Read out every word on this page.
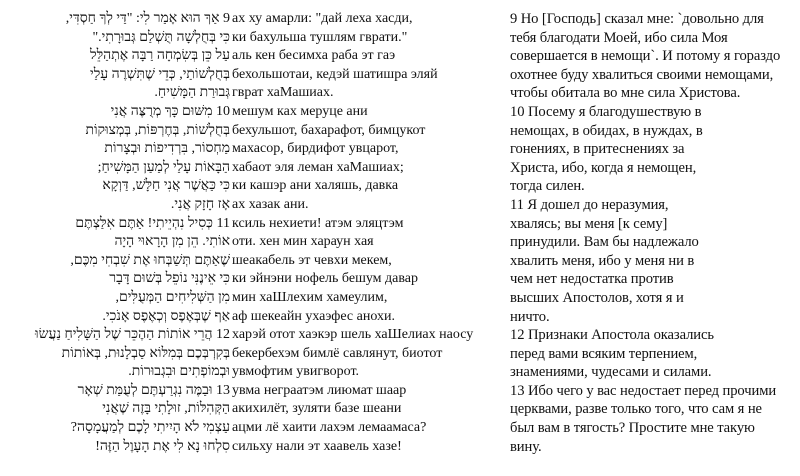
9 אַךְ הוּא אָמַר לִי: "דַּי לְךָ חַסְדִּי,
כִּי בְּחֻלְשָׁה תֻּשְׁלַם גְּבוּרָתִי."
עַל כֵּן בְּשִׂמְחָה רַבָּה אֶתְהַלֵּל
בְּחֻלְשׁוֹתַי, כְּדֵי שֶׁתִּשְׁרֶה עָלַי
גְּבוּרַת הַמָּשִׁיחַ.
10 מִשּׁוּם כָּךְ מְרֻצֶּה אֲנִי
בְּחֻלְשׁוֹת, בְּחֶרְפּוֹת, בְּמְצוּקוֹת
מַחְסוֹר, בִּרְדִיפוֹת וּבְצָרוֹת
הַבָּאוֹת עָלַי לְמַעַן הַמָּשִׁיחַ;
כִּי כַּאֲשֶׁר אֲנִי חַלָּשׁ, דַּוְקָא
אָז חָזָק אֲנִי.
11 כְּסִיל נִהְיֵיתִי! אַתֶּם אִלַּצְתֶּם
אוֹתִי. הֵן מִן הָרָאוּי הָיָה
שֶׁאַתֶּם תְּשַׁבְּחוּ אֶת שִׁבְחִי מִכֶּם,
כִּי אֵינֶנִּי נוֹפֵל בְּשׁוּם דָּבָר
מִן הַשְּׁלִיחִים הַמְּעֻלִּים,
אַף שֶׁבְּאֶפֶס וְכְאֶפֶס אָנֹכִי.
12 הֲרֵי אוֹתוֹת הַהֶכֵּר שֶׁל הַשָּׁלִיחַ נַעֲשׂוּ
בְּקִרְבְּכֶם בְּמִלּוֹא סַבְלָנוּת, בְּאוֹתוֹת
וּבְמוֹפְתִים וּבִגְבוּרוֹת.
13 וּבַמֶּה נִגְרַעְתֶּם לְעֻמַּת שְׁאָר
הַקְּהִלּוֹת, זוּלָתִי בָּזֶה שֶׁאֲנִי
עַצְמִי לֹא הָיִיתִי לָכֶם לְמַעֲמָסָה?
סִלְחוּ נָא לִי אֶת הָעָוֶל הַזֶּה!
ах ху амарли: "дай леха хасди,
ки бахульша тушлям гврати."
аль кен бесимха раба эт гаэ
бехольшотаи, кедэй шатишра эляй
гврат хаМашиах.
мешум ках меруце ани
бехульшот, бахарафот, бимцукот
махасор, бирдифот увцарот,
хабаот эля леман хаМашиах;
ки кашэр ани халяшь, давка
ах хазак ани.
ксиль нехиети! атэм эляцтэм
оти. хен мин хараун хая
шеакабель эт чевхи мекем,
ки эйнэни нофель бешум давар
мин хаШлехим хамеулим,
аф шекеайн ухаэфес анохи.
харэй отот хаэкэр шель хаШелиах наосу
бекербехэм бимлё савлянут, биотот
увмофтим увигворот.
увма неграатэм лиюмат шаар
акихилёт, зуляти базе шеани
ацми лё хаити лахэм лемаамаса?
сильху нали эт хаавель хазе!
9 Но [Господь] сказал мне: `довольно для
тебя благодати Моей, ибо сила Моя
совершается в немощи`. И потому я гораздо
охотнее буду хвалиться своими немощами,
чтобы обитала во мне сила Христова.
10 Посему я благодушествую в
немощах, в обидах, в нуждах, в
гонениях, в притеснениях за
Христа, ибо, когда я немощен,
тогда силен.
11 Я дошел до неразумия,
хвалясь; вы меня [к сему]
принудили. Вам бы надлежало
хвалить меня, ибо у меня ни в
чем нет недостатка против
высших Апостолов, хотя я и
ничто.
12 Признаки Апостола оказались
перед вами всяким терпением,
знамениями, чудесами и силами.
13 Ибо чего у вас недостает перед прочими
церквами, разве только того, что сам я не
был вам в тягость? Простите мне такую
вину.
